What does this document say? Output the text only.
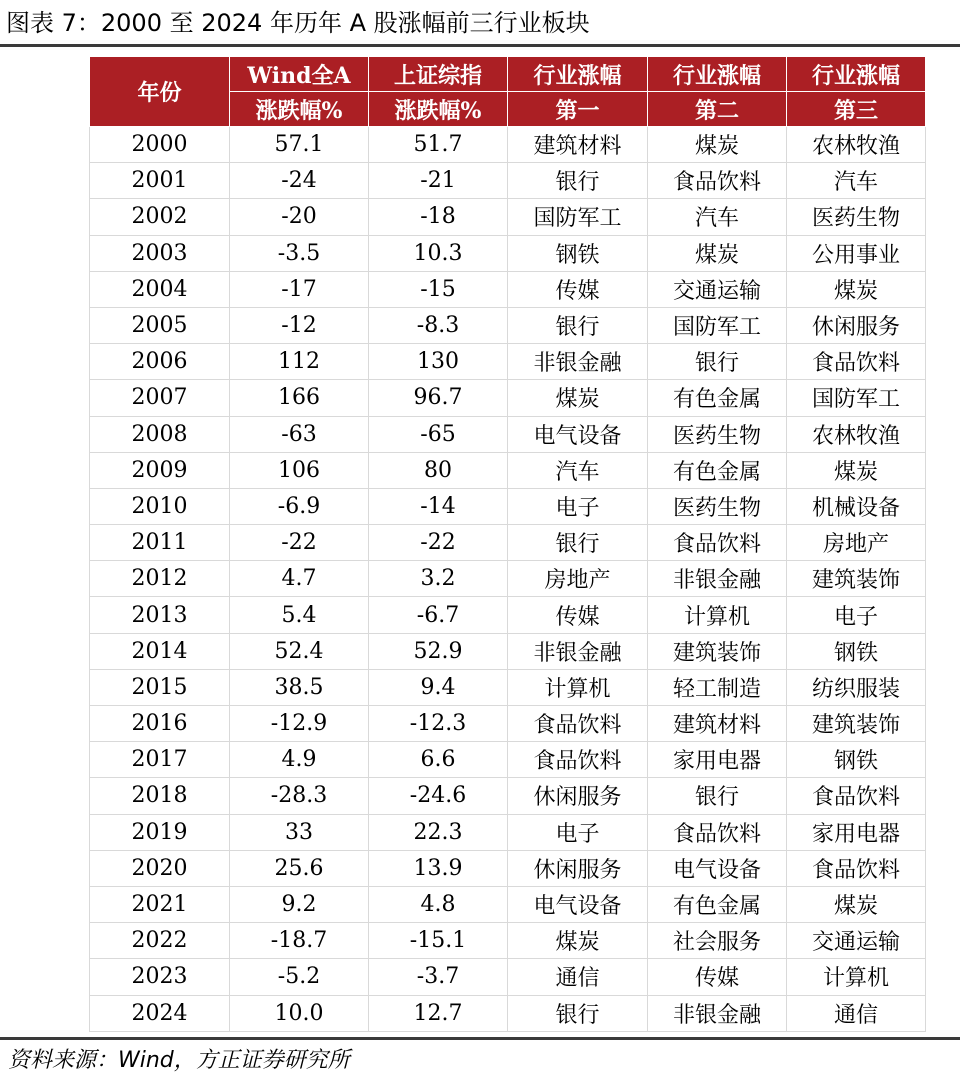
图表 7：2000 至 2024 年历年 A 股涨幅前三行业板块
年份	Wind全A	上证综指	行业涨幅	行业涨幅	行业涨幅
	涨跌幅%	涨跌幅%	第一	第二	第三
2000	57.1	51.7	建筑材料	煤炭	农林牧渔
2001	-24	-21	银行	食品饮料	汽车
2002	-20	-18	国防军工	汽车	医药生物
2003	-3.5	10.3	钢铁	煤炭	公用事业
2004	-17	-15	传媒	交通运输	煤炭
2005	-12	-8.3	银行	国防军工	休闲服务
2006	112	130	非银金融	银行	食品饮料
2007	166	96.7	煤炭	有色金属	国防军工
2008	-63	-65	电气设备	医药生物	农林牧渔
2009	106	80	汽车	有色金属	煤炭
2010	-6.9	-14	电子	医药生物	机械设备
2011	-22	-22	银行	食品饮料	房地产
2012	4.7	3.2	房地产	非银金融	建筑装饰
2013	5.4	-6.7	传媒	计算机	电子
2014	52.4	52.9	非银金融	建筑装饰	钢铁
2015	38.5	9.4	计算机	轻工制造	纺织服装
2016	-12.9	-12.3	食品饮料	建筑材料	建筑装饰
2017	4.9	6.6	食品饮料	家用电器	钢铁
2018	-28.3	-24.6	休闲服务	银行	食品饮料
2019	33	22.3	电子	食品饮料	家用电器
2020	25.6	13.9	休闲服务	电气设备	食品饮料
2021	9.2	4.8	电气设备	有色金属	煤炭
2022	-18.7	-15.1	煤炭	社会服务	交通运输
2023	-5.2	-3.7	通信	传媒	计算机
2024	10.0	12.7	银行	非银金融	通信
资料来源：Wind，方正证券研究所
